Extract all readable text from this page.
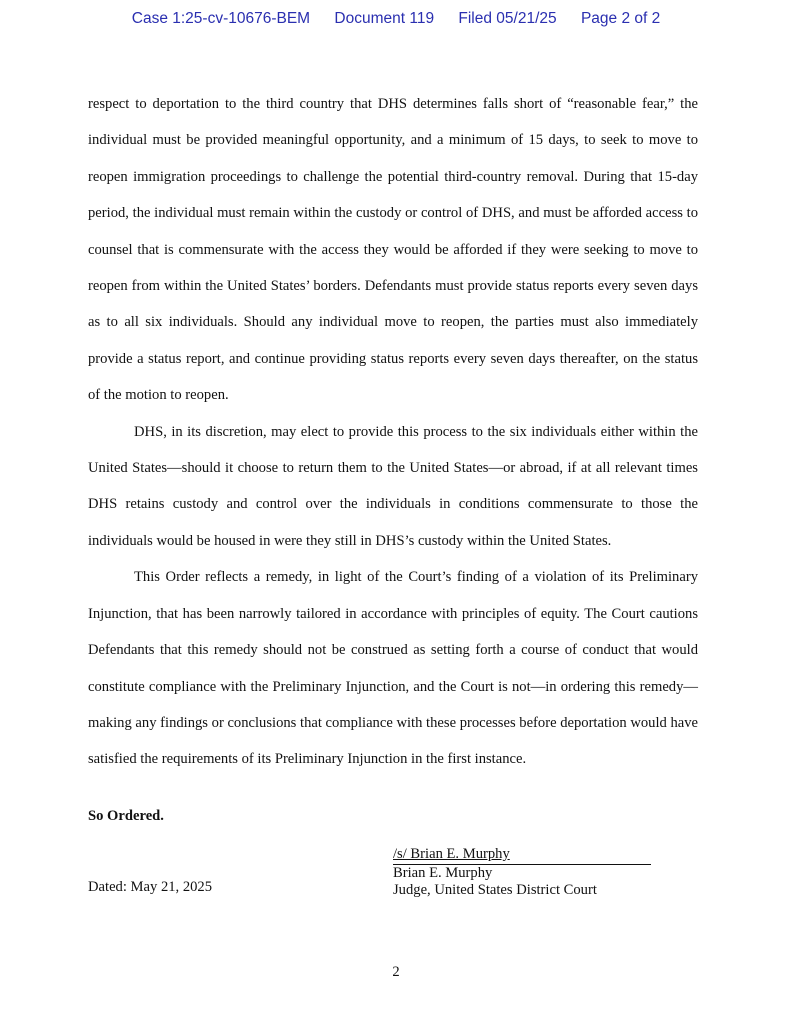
Case 1:25-cv-10676-BEM Document 119 Filed 05/21/25 Page 2 of 2

respect to deportation to the third country that DHS determines falls short of “reasonable fear,” the individual must be provided meaningful opportunity, and a minimum of 15 days, to seek to move to reopen immigration proceedings to challenge the potential third-country removal. During that 15-day period, the individual must remain within the custody or control of DHS, and must be afforded access to counsel that is commensurate with the access they would be afforded if they were seeking to move to reopen from within the United States’ borders. Defendants must provide status reports every seven days as to all six individuals. Should any individual move to reopen, the parties must also immediately provide a status report, and continue providing status reports every seven days thereafter, on the status of the motion to reopen.

DHS, in its discretion, may elect to provide this process to the six individuals either within the United States—should it choose to return them to the United States—or abroad, if at all relevant times DHS retains custody and control over the individuals in conditions commensurate to those the individuals would be housed in were they still in DHS’s custody within the United States.

This Order reflects a remedy, in light of the Court’s finding of a violation of its Preliminary Injunction, that has been narrowly tailored in accordance with principles of equity. The Court cautions Defendants that this remedy should not be construed as setting forth a course of conduct that would constitute compliance with the Preliminary Injunction, and the Court is not—in ordering this remedy—making any findings or conclusions that compliance with these processes before deportation would have satisfied the requirements of its Preliminary Injunction in the first instance.

So Ordered.
/s/ Brian E. Murphy
Brian E. Murphy
Judge, United States District Court
Dated: May 21, 2025
2
